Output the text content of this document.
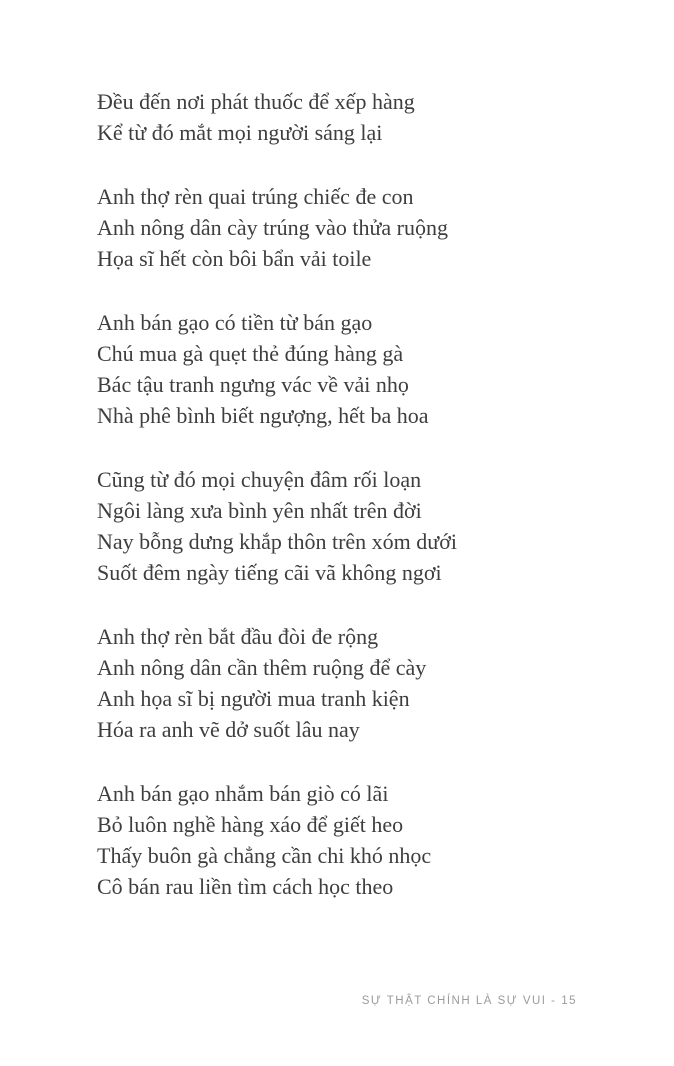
Đều đến nơi phát thuốc để xếp hàng
Kể từ đó mắt mọi người sáng lại
Anh thợ rèn quai trúng chiếc đe con
Anh nông dân cày trúng vào thửa ruộng
Họa sĩ hết còn bôi bẩn vải toile
Anh bán gạo có tiền từ bán gạo
Chú mua gà quẹt thẻ đúng hàng gà
Bác tậu tranh ngưng vác về vải nhọ
Nhà phê bình biết ngượng, hết ba hoa
Cũng từ đó mọi chuyện đâm rối loạn
Ngôi làng xưa bình yên nhất trên đời
Nay bỗng dưng khắp thôn trên xóm dưới
Suốt đêm ngày tiếng cãi vã không ngơi
Anh thợ rèn bắt đầu đòi đe rộng
Anh nông dân cần thêm ruộng để cày
Anh họa sĩ bị người mua tranh kiện
Hóa ra anh vẽ dở suốt lâu nay
Anh bán gạo nhắm bán giò có lãi
Bỏ luôn nghề hàng xáo để giết heo
Thấy buôn gà chẳng cần chi khó nhọc
Cô bán rau liền tìm cách học theo
SỰ THẬT CHÍNH LÀ SỰ VUI - 15
